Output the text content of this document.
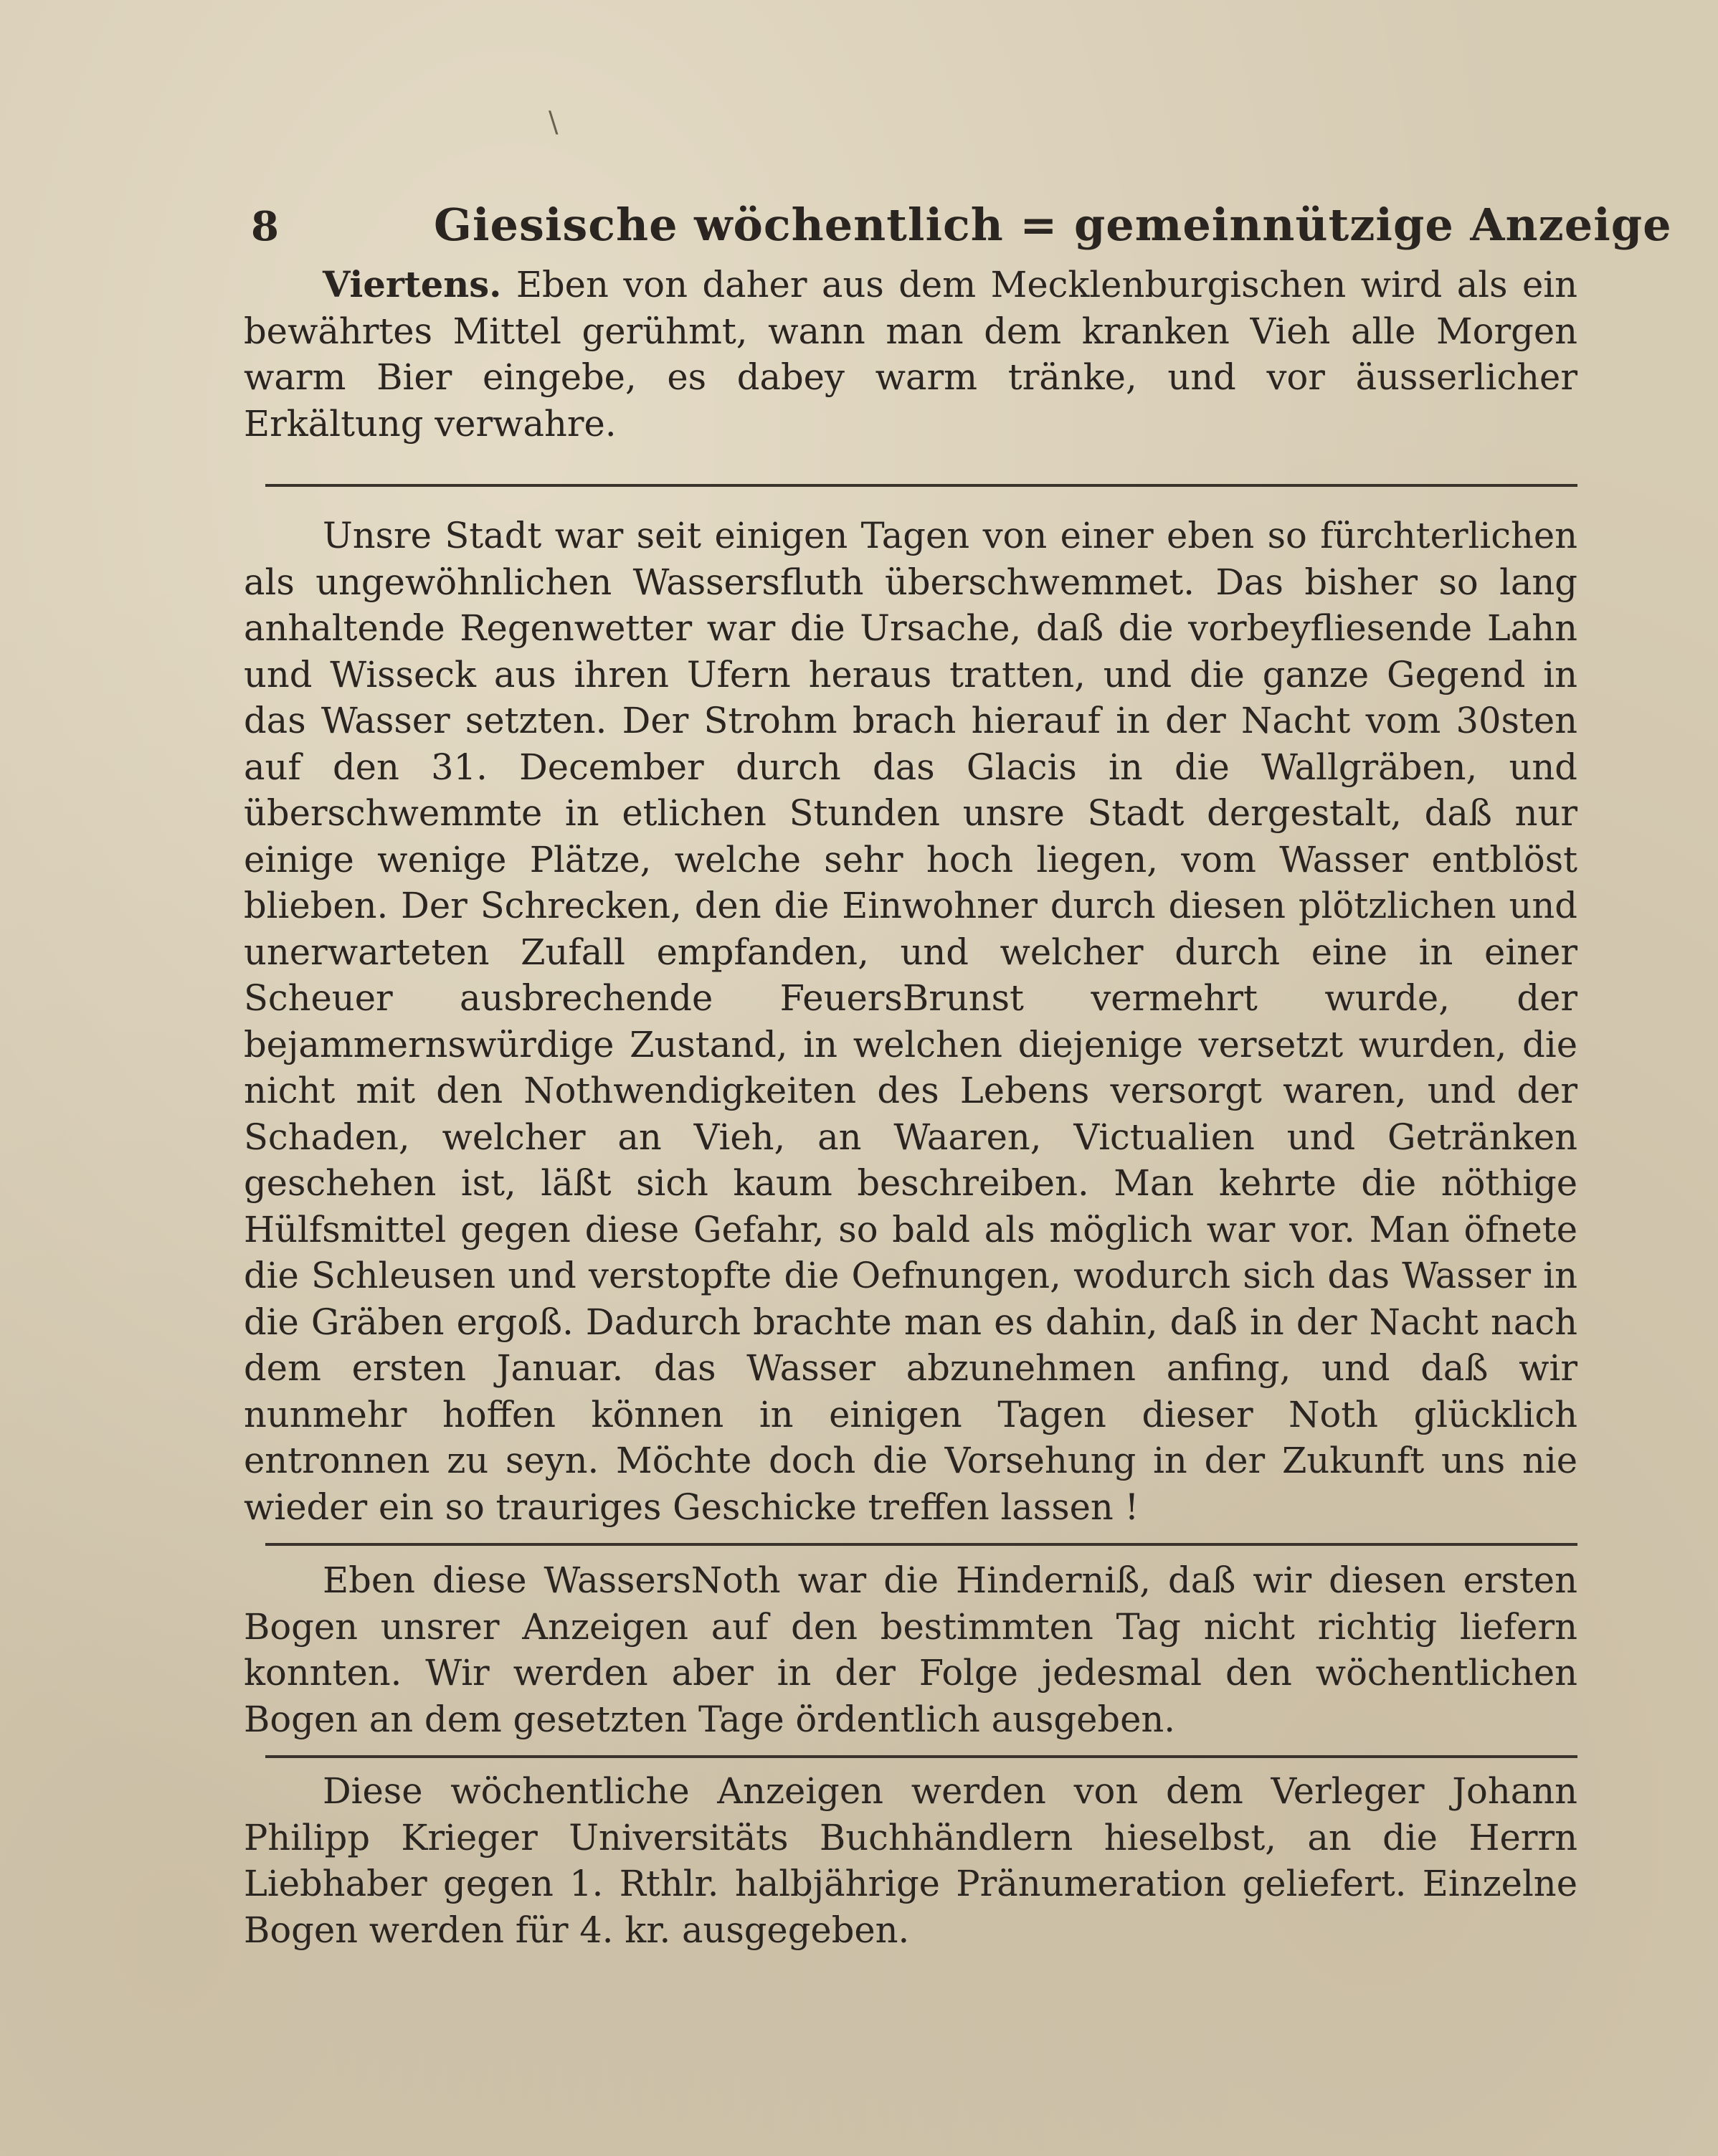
\
8	Giesische wöchentlich = gemeinnützige Anzeige

Viertens. Eben von daher aus dem Mecklenburgischen wird als ein bewährtes Mittel gerühmt, wann man dem kranken Vieh alle Morgen warm Bier eingebe, es dabey warm tränke, und vor äusserlicher Erkältung verwahre.

Unsre Stadt war seit einigen Tagen von einer eben so fürchterlichen als ungewöhnlichen Wassersfluth überschwemmet. Das bisher so lang anhaltende Regenwetter war die Ursache, daß die vorbeyfliesende Lahn und Wisseck aus ihren Ufern heraus tratten, und die ganze Gegend in das Wasser setzten. Der Strohm brach hierauf in der Nacht vom 30sten auf den 31. December durch das Glacis in die Wallgräben, und überschwemmte in etlichen Stunden unsre Stadt dergestalt, daß nur einige wenige Plätze, welche sehr hoch liegen, vom Wasser entblöst blieben. Der Schrecken, den die Einwohner durch diesen plötzlichen und unerwarteten Zufall empfanden, und welcher durch eine in einer Scheuer ausbrechende FeuersBrunst vermehrt wurde, der bejammernswürdige Zustand, in welchen diejenige versetzt wurden, die nicht mit den Nothwendigkeiten des Lebens versorgt waren, und der Schaden, welcher an Vieh, an Waaren, Victualien und Getränken geschehen ist, läßt sich kaum beschreiben. Man kehrte die nöthige Hülfsmittel gegen diese Gefahr, so bald als möglich war vor. Man öfnete die Schleusen und verstopfte die Oefnungen, wodurch sich das Wasser in die Gräben ergoß. Dadurch brachte man es dahin, daß in der Nacht nach dem ersten Januar. das Wasser abzunehmen anfing, und daß wir nunmehr hoffen können in einigen Tagen dieser Noth glücklich entronnen zu seyn. Möchte doch die Vorsehung in der Zukunft uns nie wieder ein so trauriges Geschicke treffen lassen !

Eben diese WassersNoth war die Hinderniß, daß wir diesen ersten Bogen unsrer Anzeigen auf den bestimmten Tag nicht richtig liefern konnten. Wir werden aber in der Folge jedesmal den wöchentlichen Bogen an dem gesetzten Tage ördentlich ausgeben.

Diese wöchentliche Anzeigen werden von dem Verleger Johann Philipp Krieger Universitäts Buchhändlern hieselbst, an die Herrn Liebhaber gegen 1. Rthlr. halbjährige Pränumeration geliefert. Einzelne Bogen werden für 4. kr. ausgegeben.
